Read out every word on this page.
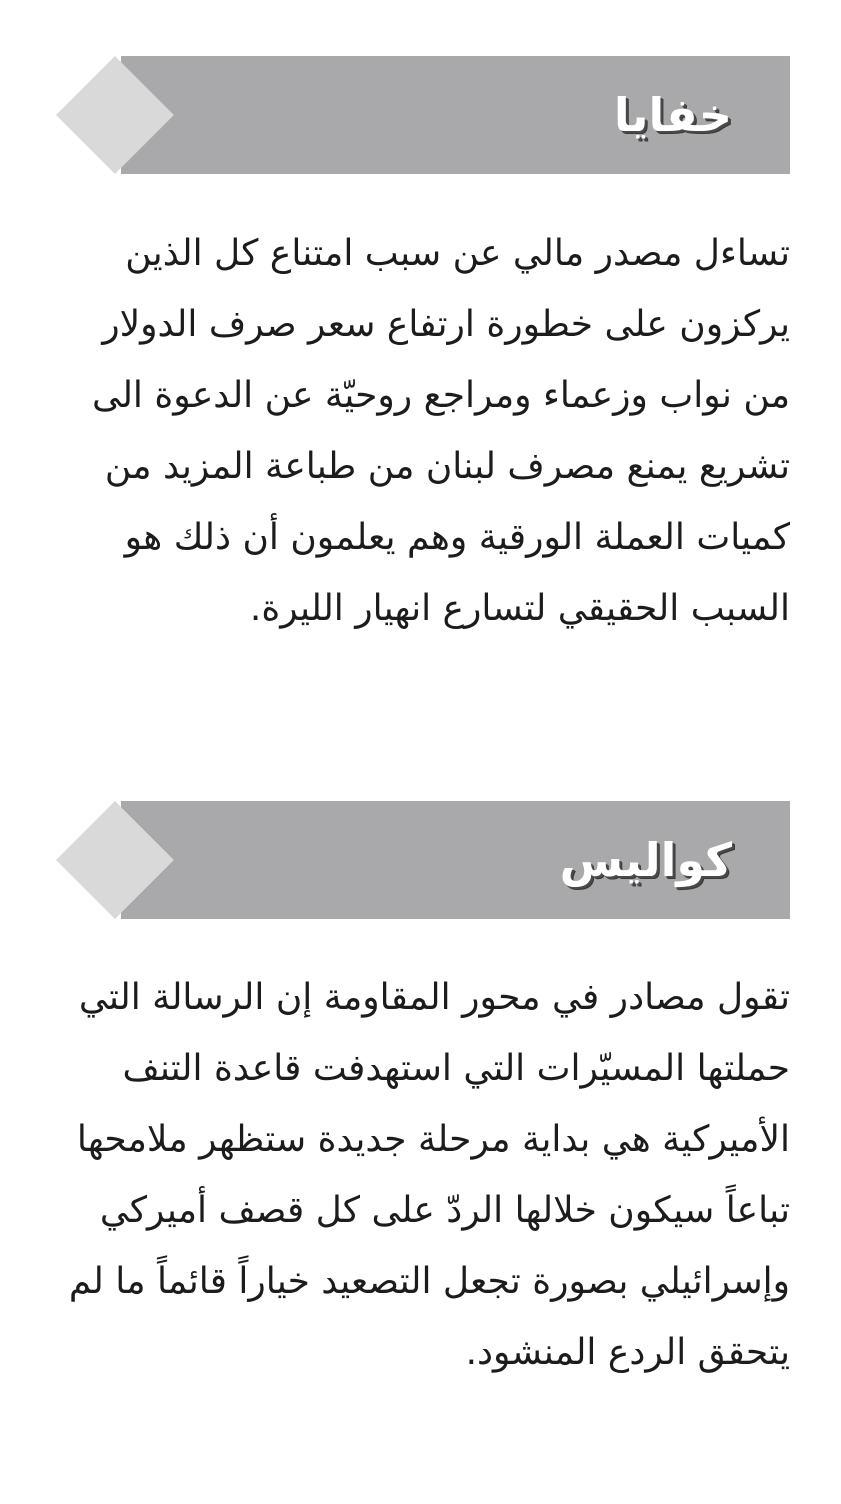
خفايا

تساءل مصدر مالي عن سبب امتناع كل الذين يركزون على خطورة ارتفاع سعر صرف الدولار من نواب وزعماء ومراجع روحيّة عن الدعوة الى تشريع يمنع مصرف لبنان من طباعة المزيد من كميات العملة الورقية وهم يعلمون أن ذلك هو السبب الحقيقي لتسارع انهيار الليرة.

كواليس

تقول مصادر في محور المقاومة إن الرسالة التي حملتها المسيّرات التي استهدفت قاعدة التنف الأميركية هي بداية مرحلة جديدة ستظهر ملامحها تباعاً سيكون خلالها الردّ على كل قصف أميركي وإسرائيلي بصورة تجعل التصعيد خياراً قائماً ما لم يتحقق الردع المنشود.
